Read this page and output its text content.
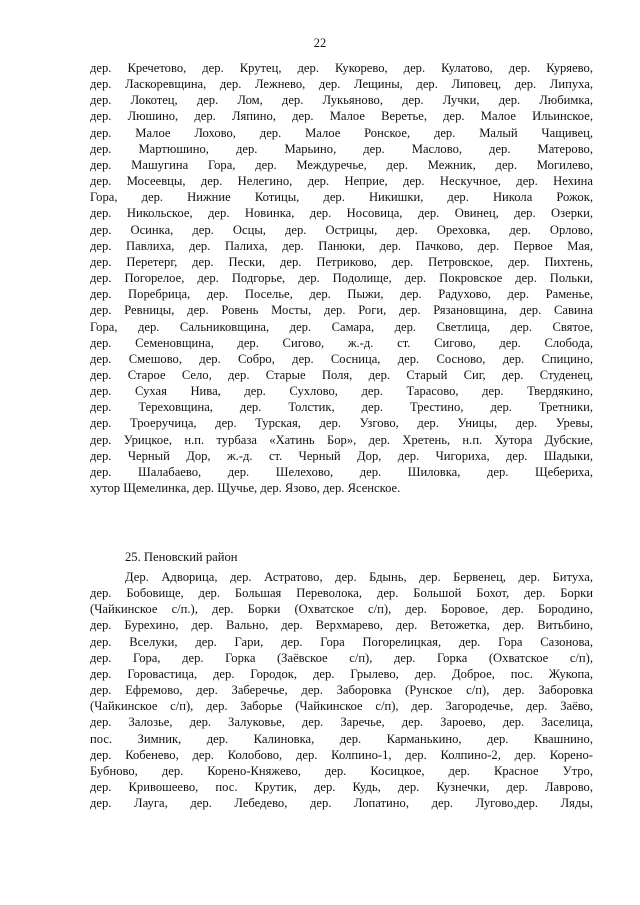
22
дер. Кречетово, дер. Крутец, дер. Кукорево, дер. Кулатово, дер. Куряево,
дер. Ласкоревщина, дер. Лежнево, дер. Лещины, дер. Липовец, дер. Липуха,
дер. Локотец, дер. Лом, дер. Лукьяново, дер. Лучки, дер. Любимка,
дер. Люшино, дер. Ляпино, дер. Малое Веретье, дер. Малое Ильинское,
дер. Малое Лохово, дер. Малое Ронское, дер. Малый Чащивец,
дер. Мартюшино, дер. Марьино, дер. Маслово, дер. Матерово,
дер. Машугина Гора, дер. Междуречье, дер. Межник, дер. Могилево,
дер. Мосеевцы, дер. Нелегино, дер. Неприе, дер. Нескучное, дер. Нехина
Гора, дер. Нижние Котицы, дер. Никишки, дер. Никола Рожок,
дер. Никольское, дер. Новинка, дер. Носовица, дер. Овинец, дер. Озерки,
дер. Осинка, дер. Осцы, дер. Острицы, дер. Ореховка, дер. Орлово,
дер. Павлиха, дер. Палиха, дер. Панюки, дер. Пачково, дер. Первое Мая,
дер. Перетерг, дер. Пески, дер. Петриково, дер. Петровское, дер. Пихтень,
дер. Погорелое, дер. Подгорье, дер. Подолище, дер. Покровское дер. Польки,
дер. Поребрица, дер. Поселье, дер. Пыжи, дер. Радухово, дер. Раменье,
дер. Ревницы, дер. Ровень Мосты, дер. Роги, дер. Рязановщина, дер. Савина
Гора, дер. Сальниковщина, дер. Самара, дер. Светлица, дер. Святое,
дер. Семеновщина, дер. Сигово, ж.-д. ст. Сигово, дер. Слобода,
дер. Смешово, дер. Собро, дер. Сосница, дер. Сосново, дер. Спицино,
дер. Старое Село, дер. Старые Поля, дер. Старый Сиг, дер. Студенец,
дер. Сухая Нива, дер. Сухлово, дер. Тарасово, дер. Твердякино,
дер. Тереховщина, дер. Толстик, дер. Трестино, дер. Третники,
дер. Троеручица, дер. Турская, дер. Узгово, дер. Уницы, дер. Уревы,
дер. Урицкое, н.п. турбаза «Хатинь Бор», дер. Хретень, н.п. Хутора Дубские,
дер. Черный Дор, ж.-д. ст. Черный Дор, дер. Чигориха, дер. Шадыки,
дер. Шалабаево, дер. Шелехово, дер. Шиловка, дер. Щебериха,
хутор Щемелинка, дер. Щучье, дер. Язово, дер. Ясенское.
25. Пеновский район
Дер. Адворица, дер. Астратово, дер. Бдынь, дер. Бервенец, дер. Битуха,
дер. Бобовище, дер. Большая Переволока, дер. Большой Бохот, дер. Борки
(Чайкинское с/п.), дер. Борки (Охватское с/п), дер. Боровое, дер. Бородино,
дер. Бурехино, дер. Вально, дер. Верхмарево, дер. Ветожетка, дер. Витьбино,
дер. Вселуки, дер. Гари, дер. Гора Погорелицкая, дер. Гора Сазонова,
дер. Гора, дер. Горка (Заёвское с/п), дер. Горка (Охватское с/п),
дер. Горовастица, дер. Городок, дер. Грылево, дер. Доброе, пос. Жукопа,
дер. Ефремово, дер. Заберечье, дер. Заборовка (Рунское с/п), дер. Заборовка
(Чайкинское с/п), дер. Заборье (Чайкинское с/п), дер. Загородечье, дер. Заёво,
дер. Залозье, дер. Залуковье, дер. Заречье, дер. Зароево, дер. Заселица,
пос. Зимник, дер. Калиновка, дер. Карманькино, дер. Квашнино,
дер. Кобенево, дер. Колобово, дер. Колпино-1, дер. Колпино-2, дер. Корено-
Бубново, дер. Корено-Княжево, дер. Косицкое, дер. Красное Утро,
дер. Кривошеево, пос. Крутик, дер. Кудь, дер. Кузнечки, дер. Лаврово,
дер. Лауга, дер. Лебедево, дер. Лопатино, дер. Лугово,дер. Ляды,
